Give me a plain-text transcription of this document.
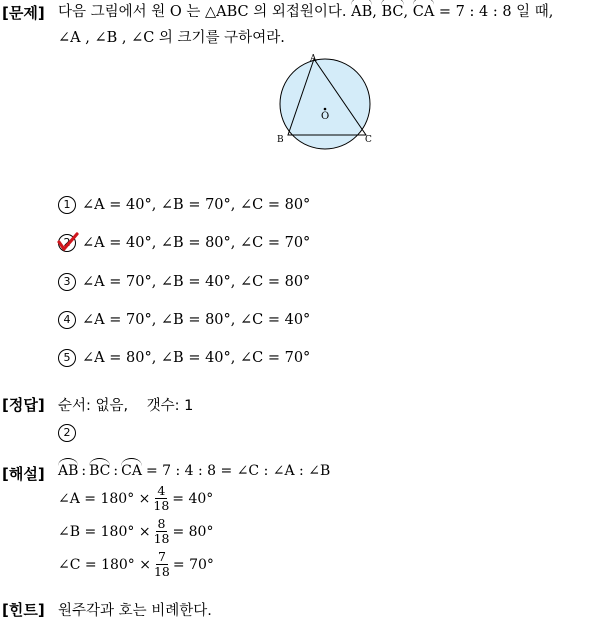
[문제] 다음 그림에서 원 O 는 △ABC 의 외접원이다. AB, BC, CA = 7 : 4 : 8 일 때,
∠A , ∠B , ∠C 의 크기를 구하여라.
A
B	C
O
1 ∠A = 40°, ∠B = 70°, ∠C = 80°
2 ∠A = 40°, ∠B = 80°, ∠C = 70°
3 ∠A = 70°, ∠B = 40°, ∠C = 80°
4 ∠A = 70°, ∠B = 80°, ∠C = 40°
5 ∠A = 80°, ∠B = 40°, ∠C = 70°
[정답] 순서: 없음,    갯수: 1
2
[해설] AB : BC : CA = 7 : 4 : 8 = ∠C : ∠A : ∠B
∠A = $180^\circ \times \frac{4}{18} = 40^\circ$
∠B = $180^\circ \times \frac{8}{18} = 80^\circ$
∠C = $180^\circ \times \frac{7}{18} = 70^\circ$
[힌트] 원주각과 호는 비례한다.
